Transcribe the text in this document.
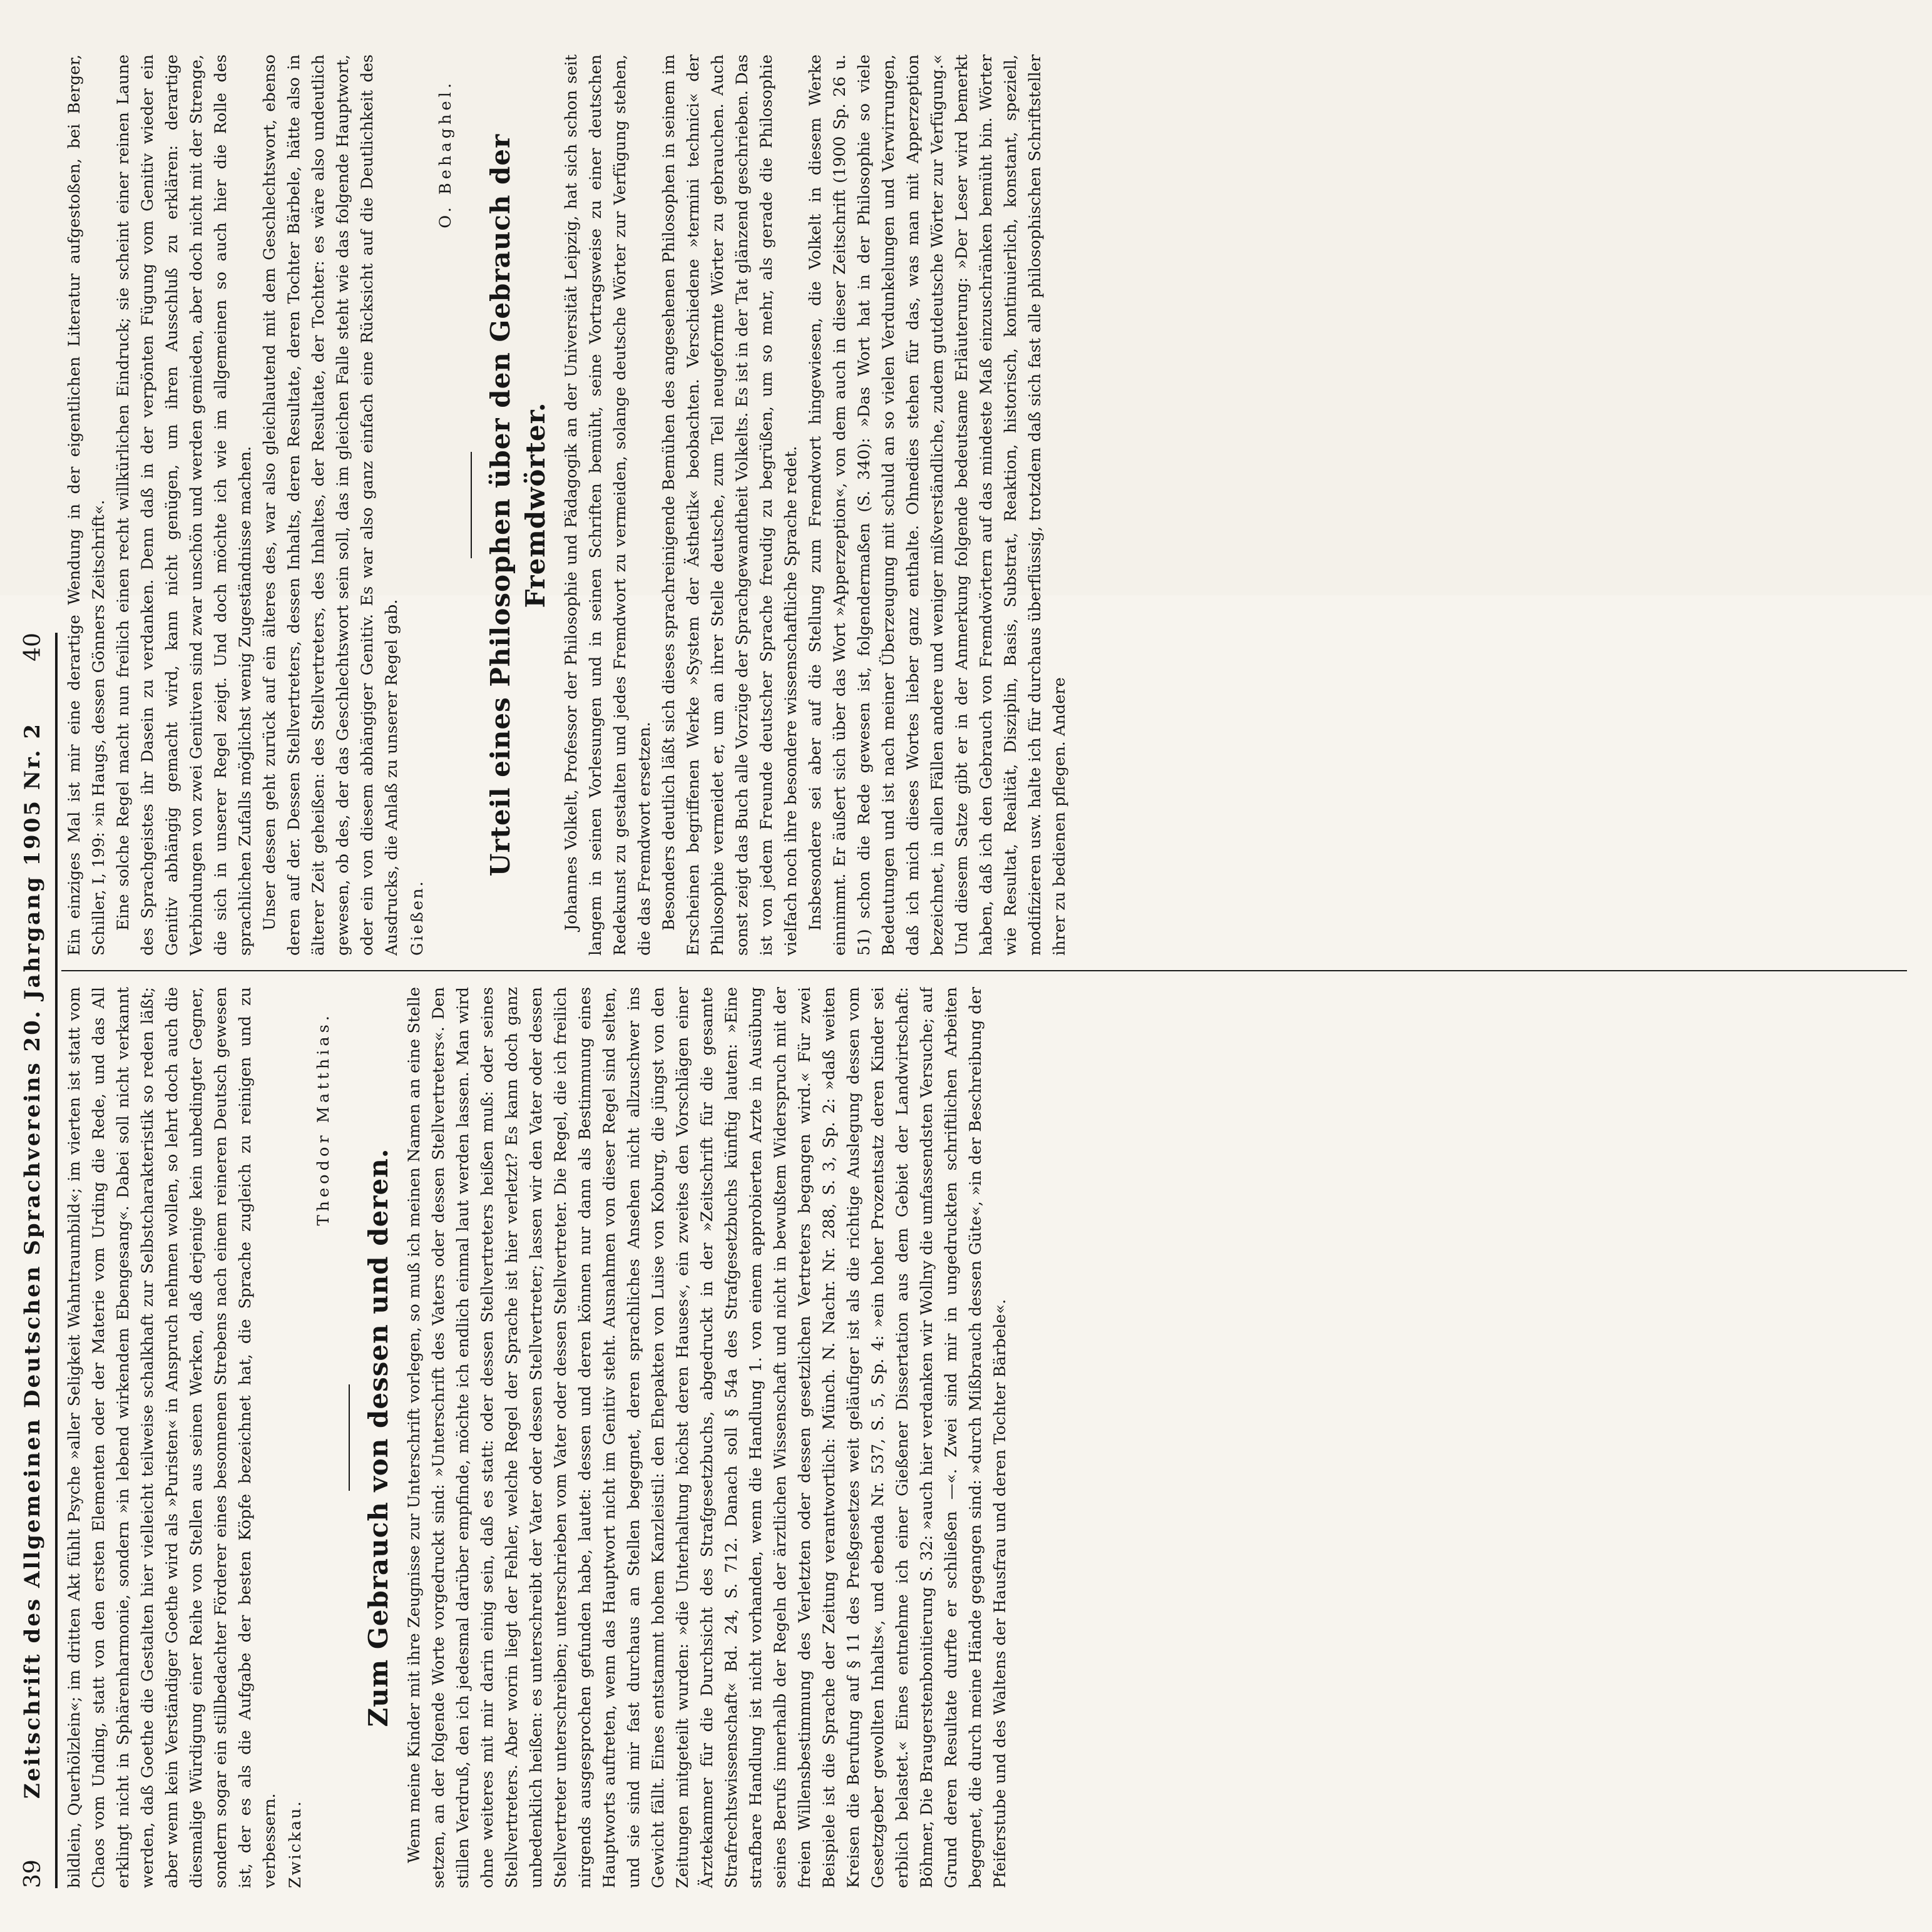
39
Zeitschrift des Allgemeinen Deutschen Sprachvereins 20. Jahrgang 1905 Nr. 2
40

bildlein, Querhölzlein«; im dritten Akt fühlt Psyche »aller Seligkeit Wahntraumbild«; im vierten ist statt vom Chaos vom Unding, statt von den ersten Elementen oder der Materie vom Urding die Rede, und das All erklingt nicht in Sphärenharmonie, sondern »in lebend wirkendem Ebengesang«. Dabei soll nicht verkannt werden, daß Goethe die Gestalten hier vielleicht teilweise schalkhaft zur Selbstcharakteristik so reden läßt; aber wenn kein Verständiger Goethe wird als »Puristen« in Anspruch nehmen wollen, so lehrt doch auch die diesmalige Würdigung einer Reihe von Stellen aus seinen Werken, daß derjenige kein unbedingter Gegner, sondern sogar ein stillbedachter Förderer eines besonnenen Strebens nach einem reineren Deutsch gewesen ist, der es als die Aufgabe der besten Köpfe bezeichnet hat, die Sprache zugleich zu reinigen und zu verbessern. Zwickau.
Theodor Matthias.
Zum Gebrauch von dessen und deren. Wenn meine Kinder mit ihre Zeugnisse zur Unterschrift vorlegen, so muß ich meinen Namen an eine Stelle setzen, an der folgende Worte vorgedruckt sind: »Unterschrift des Vaters oder dessen Stellvertreters«. Den stillen Verdruß, den ich jedesmal darüber empfinde, möchte ich endlich einmal laut werden lassen. Man wird ohne weiteres mit mir darin einig sein, daß es statt: oder dessen Stellvertreters heißen muß: oder seines Stellvertreters. Aber worin liegt der Fehler, welche Regel der Sprache ist hier verletzt? Es kann doch ganz unbedenklich heißen: es unterschreibt der Vater oder dessen Stellvertreter; lassen wir den Vater oder dessen Stellvertreter unterschreiben; unterschrieben vom Vater oder dessen Stellvertreter. Die Regel, die ich freilich nirgends ausgesprochen gefunden habe, lautet: dessen und deren können nur dann als Bestimmung eines Hauptworts auftreten, wenn das Hauptwort nicht im Genitiv steht. Ausnahmen von dieser Regel sind selten, und sie sind mir fast durchaus an Stellen begegnet, deren sprachliches Ansehen nicht allzuschwer ins Gewicht fällt. Eines entstammt hohem Kanzleistil: den Ehepakten von Luise von Koburg, die jüngst von den Zeitungen mitgeteilt wurden: »die Unterhaltung höchst deren Hauses«, ein zweites den Vorschlägen einer Ärztekammer für die Durchsicht des Strafgesetzbuchs, abgedruckt in der »Zeitschrift für die gesamte Strafrechtswissenschaft« Bd. 24, S. 712. Danach soll § 54a des Strafgesetzbuchs künftig lauten: »Eine strafbare Handlung ist nicht vorhanden, wenn die Handlung 1. von einem approbierten Arzte in Ausübung seines Berufs innerhalb der Regeln der ärztlichen Wissenschaft und nicht in bewußtem Widerspruch mit der freien Willensbestimmung des Verletzten oder dessen gesetzlichen Vertreters begangen wird.« Für zwei Beispiele ist die Sprache der Zeitung verantwortlich: Münch. N. Nachr. Nr. 288, S. 3, Sp. 2: »daß weiten Kreisen die Berufung auf § 11 des Preßgesetzes weit geläufiger ist als die richtige Auslegung dessen vom Gesetzgeber gewollten Inhalts«, und ebenda Nr. 537, S. 5, Sp. 4: »ein hoher Prozentsatz deren Kinder sei erblich belastet.« Eines entnehme ich einer Gießener Dissertation aus dem Gebiet der Landwirtschaft: Böhmer, Die Braugerstenbonitierung S. 32: »auch hier verdanken wir Wollny die umfassendsten Versuche; auf Grund deren Resultate durfte er schließen —«. Zwei sind mir in ungedruckten schriftlichen Arbeiten begegnet, die durch meine Hände gegangen sind: »durch Mißbrauch dessen Güte«, »in der Beschreibung der Pfeiferstube und des Waltens der Hausfrau und deren Tochter Bärbele«.

Ein einziges Mal ist mir eine derartige Wendung in der eigentlichen Literatur aufgestoßen, bei Berger, Schiller, I, 199: »in Haugs, dessen Gönners Zeitschrift«. Eine solche Regel macht nun freilich einen recht willkürlichen Eindruck; sie scheint einer reinen Laune des Sprachgeistes ihr Dasein zu verdanken. Denn daß in der verpönten Fügung vom Genitiv wieder ein Genitiv abhängig gemacht wird, kann nicht genügen, um ihren Ausschluß zu erklären: derartige Verbindungen von zwei Genitiven sind zwar unschön und werden gemieden, aber doch nicht mit der Strenge, die sich in unserer Regel zeigt. Und doch möchte ich wie im allgemeinen so auch hier die Rolle des sprachlichen Zufalls möglichst wenig Zugeständnisse machen. Unser dessen geht zurück auf ein älteres des, war also gleichlautend mit dem Geschlechtswort, ebenso deren auf der. Dessen Stellvertreters, dessen Inhalts, deren Resultate, deren Tochter Bärbele, hätte also in älterer Zeit geheißen: des Stellvertreters, des Inhaltes, der Resultate, der Tochter: es wäre also undeutlich gewesen, ob des, der das Geschlechtswort sein soll, das im gleichen Falle steht wie das folgende Hauptwort, oder ein von diesem abhängiger Genitiv. Es war also ganz einfach eine Rücksicht auf die Deutlichkeit des Ausdrucks, die Anlaß zu unserer Regel gab. Gießen.
O. Behaghel. Urteil eines Philosophen über den Gebrauch der Fremdwörter. Johannes Volkelt, Professor der Philosophie und Pädagogik an der Universität Leipzig, hat sich schon seit langem in seinen Vorlesungen und in seinen Schriften bemüht, seine Vortragsweise zu einer deutschen Redekunst zu gestalten und jedes Fremdwort zu vermeiden, solange deutsche Wörter zur Verfügung stehen, die das Fremdwort ersetzen. Besonders deutlich läßt sich dieses sprachreinigende Bemühen des angesehenen Philosophen in seinem im Erscheinen begriffenen Werke »System der Ästhetik« beobachten. Verschiedene »termini technici« der Philosophie vermeidet er, um an ihrer Stelle deutsche, zum Teil neugeformte Wörter zu gebrauchen. Auch sonst zeigt das Buch alle Vorzüge der Sprachgewandtheit Volkelts. Es ist in der Tat glänzend geschrieben. Das ist von jedem Freunde deutscher Sprache freudig zu begrüßen, um so mehr, als gerade die Philosophie vielfach noch ihre besondere wissenschaftliche Sprache redet. Insbesondere sei aber auf die Stellung zum Fremdwort hingewiesen, die Volkelt in diesem Werke einnimmt. Er äußert sich über das Wort »Apperzeption«, von dem auch in dieser Zeitschrift (1900 Sp. 26 u. 51) schon die Rede gewesen ist, folgendermaßen (S. 340): »Das Wort hat in der Philosophie so viele Bedeutungen und ist nach meiner Überzeugung mit schuld an so vielen Verdunkelungen und Verwirrungen, daß ich mich dieses Wortes lieber ganz enthalte. Ohnedies stehen für das, was man mit Apperzeption bezeichnet, in allen Fällen andere und weniger mißverständliche, zudem gutdeutsche Wörter zur Verfügung.« Und diesem Satze gibt er in der Anmerkung folgende bedeutsame Erläuterung: »Der Leser wird bemerkt haben, daß ich den Gebrauch von Fremdwörtern auf das mindeste Maß einzuschränken bemüht bin. Wörter wie Resultat, Realität, Disziplin, Basis, Substrat, Reaktion, historisch, kontinuierlich, konstant, speziell, modifizieren usw. halte ich für durchaus überflüssig, trotzdem daß sich fast alle philosophischen Schriftsteller ihrer zu bedienen pflegen. Andere
